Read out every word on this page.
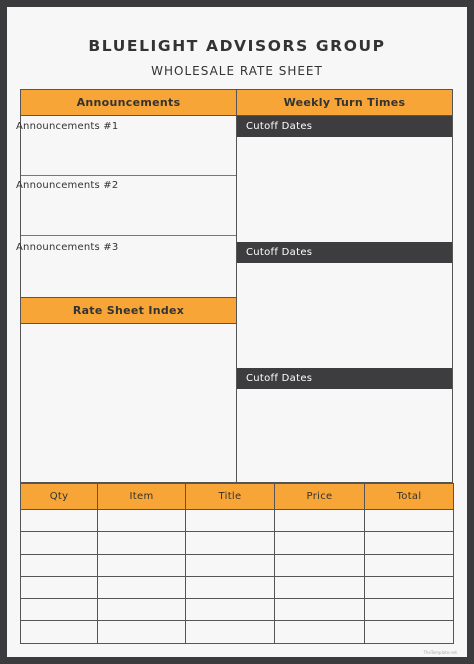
BLUELIGHT ADVISORS GROUP
WHOLESALE RATE SHEET
Announcements
Announcements #1
Announcements #2
Announcements #3
Rate Sheet Index
Weekly Turn Times
Cutoff Dates
Cutoff Dates
Cutoff Dates
Qty	Item	Title	Price	Total

TheTemplate.net
